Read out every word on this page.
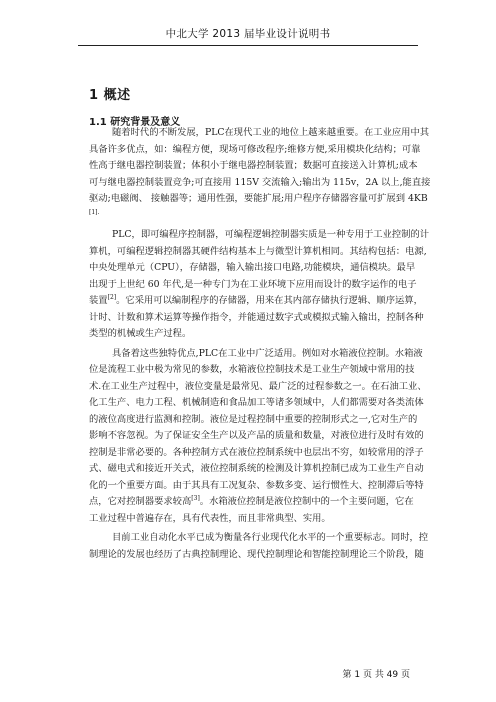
中北大学 2013 届毕业设计说明书
1 概述
1.1 研究背景及意义

随着时代的不断发展，PLC在现代工业的地位上越来越重要。在工业应用中其
具备许多优点，如：编程方便，现场可修改程序;维修方便,采用模块化结构；可靠
性高于继电器控制装置；体积小于继电器控制装置；数据可直接送入计算机;成本
可与继电器控制装置竞争;可直接用 115V 交流输入;输出为 115v，2A 以上,能直接
驱动;电磁阀、 接触器等；通用性强，要能扩展;用户程序存储器容量可扩展到 4KB
$^{[1].}$

PLC，即可编程序控制器，可编程逻辑控制器实质是一种专用于工业控制的计
算机，可编程逻辑控制器其硬件结构基本上与微型计算机相同。其结构包括：电源,
中央处理单元（CPU），存储器，输入输出接口电路,功能模块，通信模块。最早
出现于上世纪 60 年代,是一种专门为在工业环境下应用而设计的数字运作的电子
装置[2]。它采用可以编制程序的存储器，用来在其内部存储执行逻辑、顺序运算，
计时、计数和算术运算等操作指令，并能通过数字式或模拟式输入输出，控制各种
类型的机械或生产过程。

具备着这些独特优点,PLC在工业中广泛适用。例如对水箱液位控制。水箱液
位是流程工业中极为常见的参数，水箱液位控制技术是工业生产领域中常用的技
术.在工业生产过程中，液位变量是最常见、最广泛的过程参数之一。在石油工业、
化工生产、电力工程、机械制造和食品加工等诸多领域中，人们都需要对各类流体
的液位高度进行监测和控制。液位是过程控制中重要的控制形式之一,它对生产的
影响不容忽视。为了保证安全生产以及产品的质量和数量，对液位进行及时有效的
控制是非常必要的。各种控制方式在液位控制系统中也层出不穷，如较常用的浮子
式、磁电式和接近开关式，液位控制系统的检测及计算机控制已成为工业生产自动
化的一个重要方面。由于其具有工况复杂、参数多变、运行惯性大、控制滞后等特
点，它对控制器要求较高[3]。水箱液位控制是液位控制中的一个主要问题，它在
工业过程中普遍存在，具有代表性，而且非常典型、实用。

目前工业自动化水平已成为衡量各行业现代化水平的一个重要标志。同时，控
制理论的发展也经历了古典控制理论、现代控制理论和智能控制理论三个阶段，随

第 1 页 共 49 页
